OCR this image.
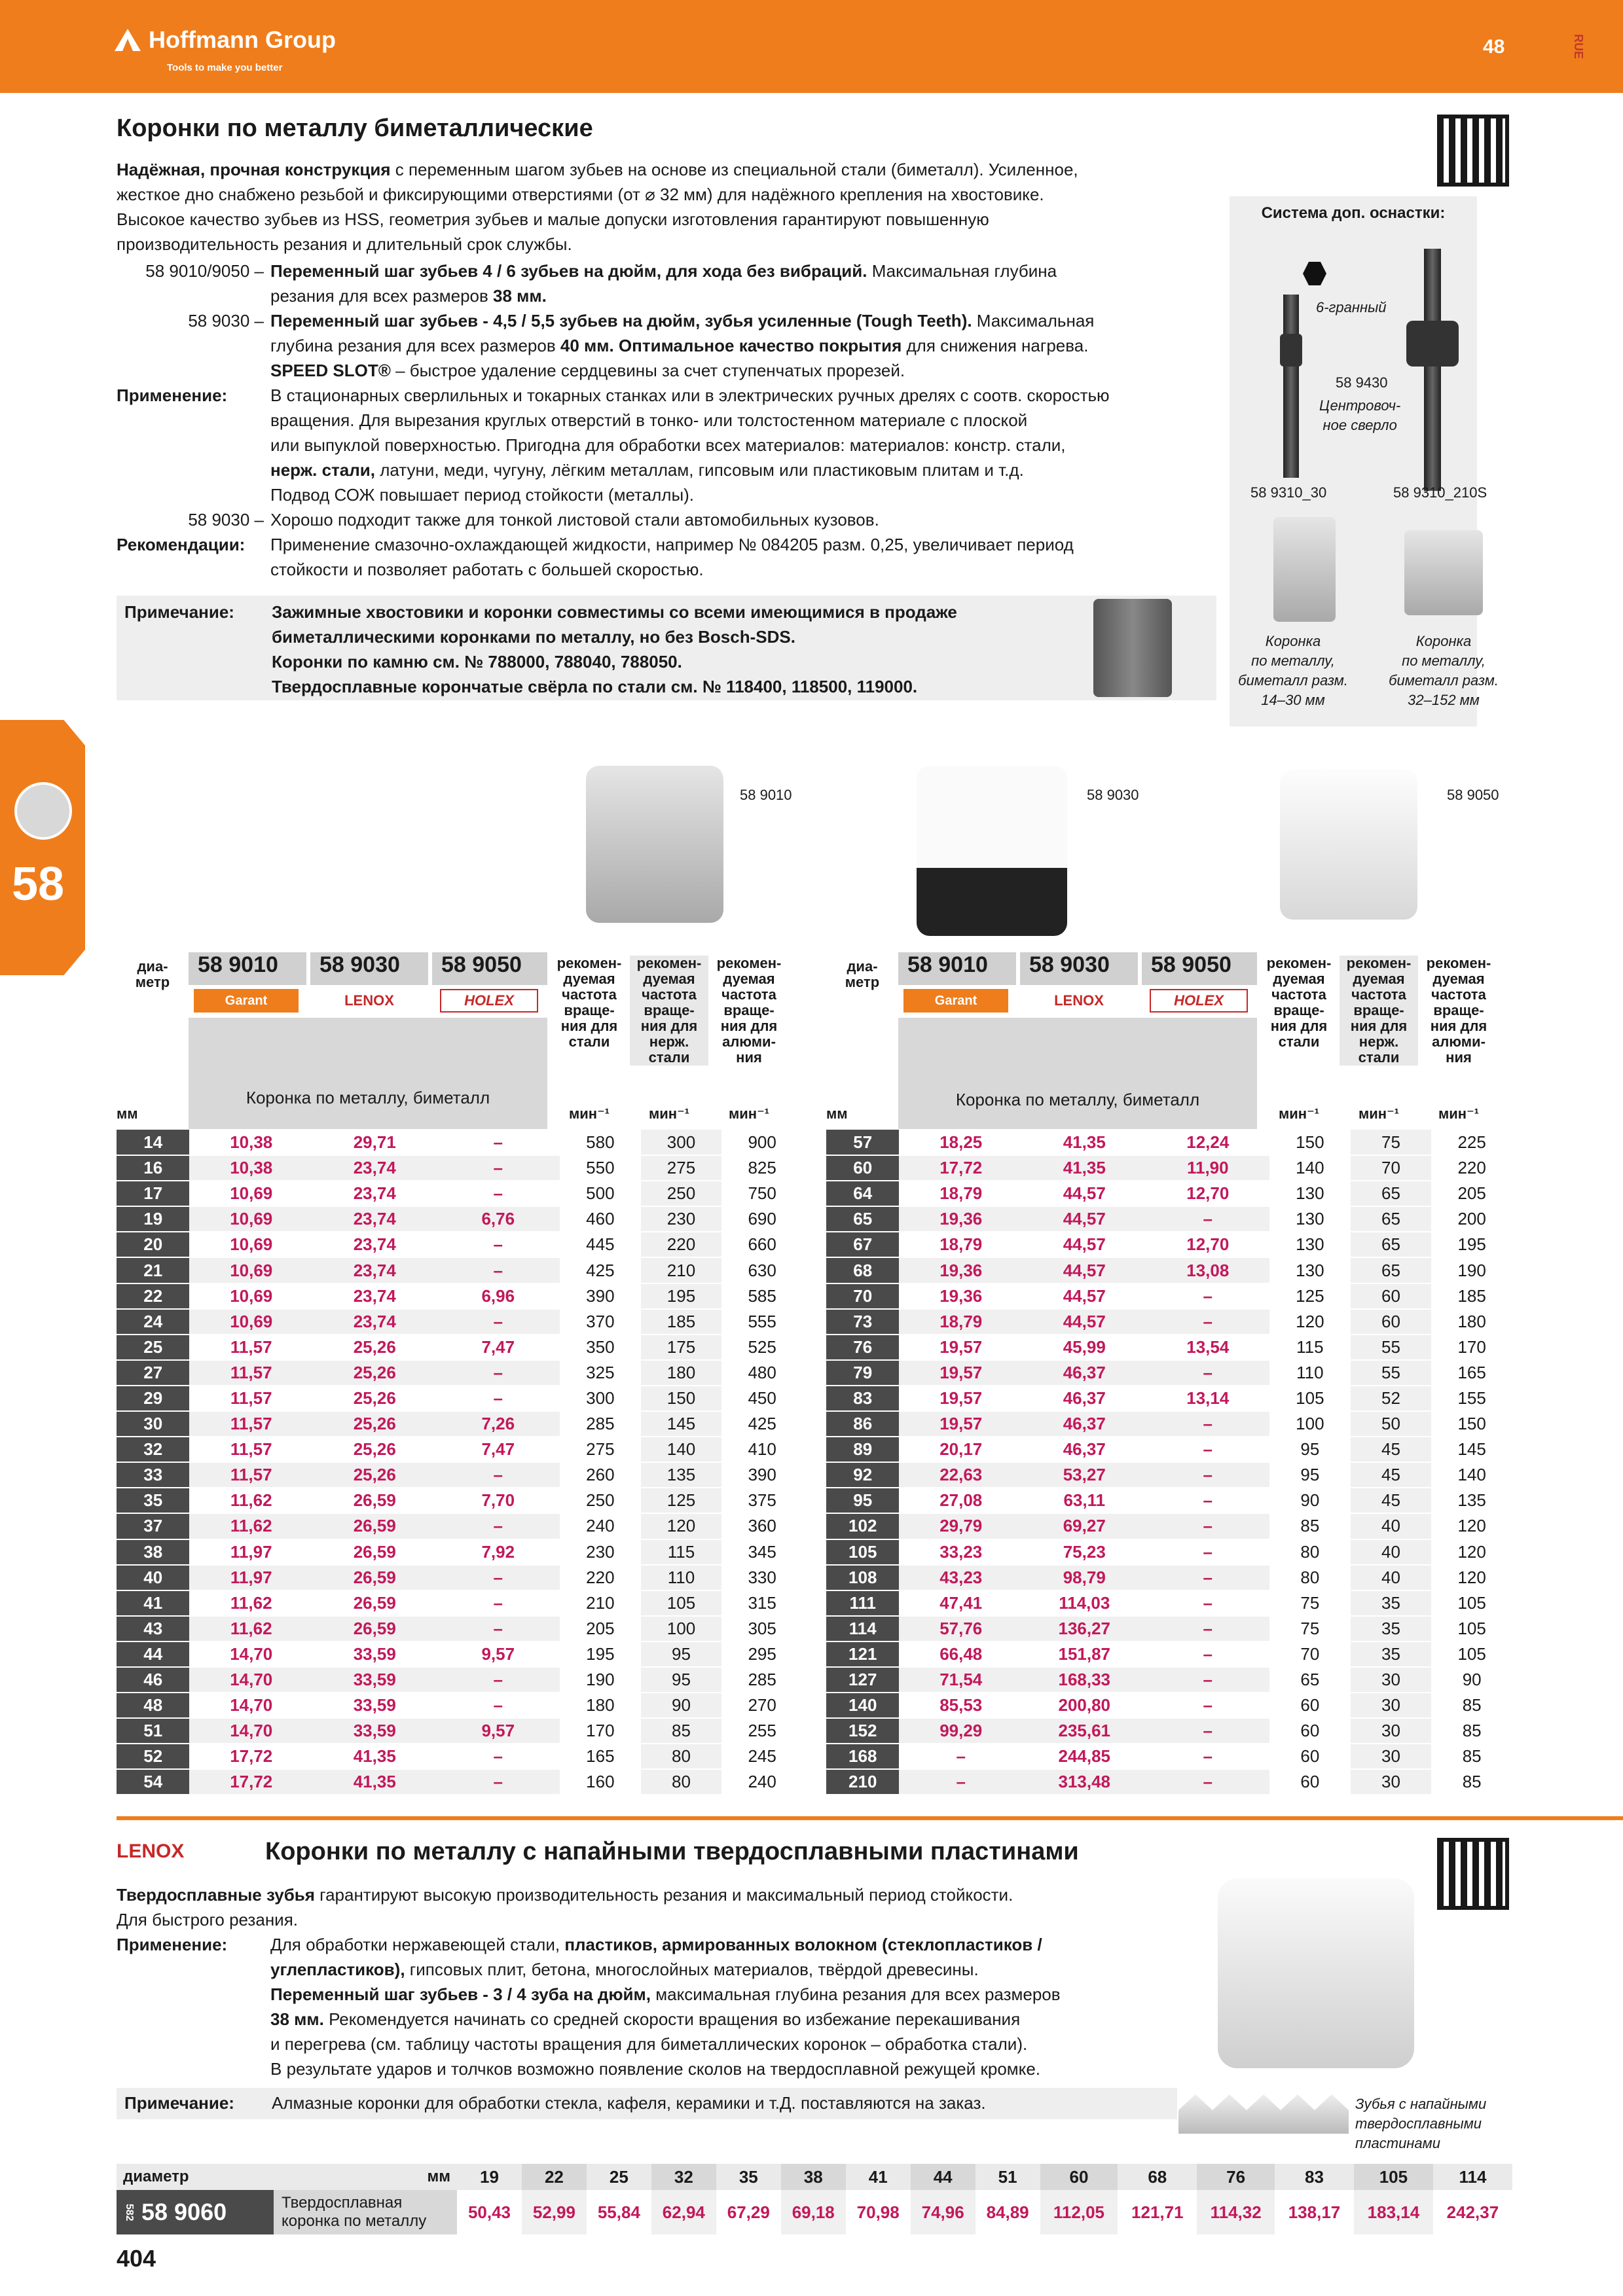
Hoffmann Group
Tools to make you better
48	RUE
58
Коронки по металлу биметаллические
Надёжная, прочная конструкция с переменным шагом зубьев на основе из специальной стали (биметалл). Усиленное,
жесткое дно снабжено резьбой и фиксирующими отверстиями (от ⌀ 32 мм) для надёжного крепления на хвостовике.
Высокое качество зубьев из HSS, геометрия зубьев и малые допуски изготовления гарантируют повышенную
производительность резания и длительный срок службы.
58 9010/9050 – Переменный шаг зубьев 4 / 6 зубьев на дюйм, для хода без вибраций. Максимальная глубина
резания для всех размеров 38 мм.
58 9030 – Переменный шаг зубьев - 4,5 / 5,5 зубьев на дюйм, зубья усиленные (Tough Teeth). Максимальная
глубина резания для всех размеров 40 мм. Оптимальное качество покрытия для снижения нагрева.
SPEED SLOT® – быстрое удаление сердцевины за счет ступенчатых прорезей.
Применение:	В стационарных сверлильных и токарных станках или в электрических ручных дрелях с соотв. скоростью
вращения. Для вырезания круглых отверстий в тонко- или толстостенном материале с плоской
или выпуклой поверхностью. Пригодна для обработки всех материалов: материалов: констр. стали,
нерж. стали, латуни, меди, чугуну, лёгким металлам, гипсовым или пластиковым плитам и т.д.
Подвод СОЖ повышает период стойкости (металлы).
58 9030 – Хорошо подходит также для тонкой листовой стали автомобильных кузовов.
Рекомендации:	Применение смазочно-охлаждающей жидкости, например № 084205 разм. 0,25, увеличивает период
стойкости и позволяет работать с большей скоростью.
Примечание:	Зажимные хвостовики и коронки совместимы со всеми имеющимися в продаже
биметаллическими коронками по металлу, но без Bosch-SDS.
Коронки по камню см. № 788000, 788040, 788050.
Твердосплавные корончатые свёрла по стали см. № 118400, 118500, 119000.
Система доп. оснастки:
6-гранный
58 9430
Центровоч-
ное сверло
58 9310_30	58 9310_210S
Коронка
по металлу,
биметалл разм.
14–30 мм
Коронка
по металлу,
биметалл разм.
32–152 мм
58 9010	58 9030	58 9050
диа-
метр
58 9010	58 9030	58 9050
Garant	LENOX	HOLEX
Коронка по металлу, биметалл
рекомен-
дуемая
частота
враще-
ния для
стали
рекомен-
дуемая
частота
враще-
ния для
нерж.
стали
рекомен-
дуемая
частота
враще-
ния для
алюми-
ния
мм	мин⁻¹	мин⁻¹	мин⁻¹
диа-
метр
58 9010	58 9030	58 9050
Garant	LENOX	HOLEX
Коронка по металлу, биметалл
рекомен-
дуемая
частота
враще-
ния для
стали
рекомен-
дуемая
частота
враще-
ния для
нерж.
стали
рекомен-
дуемая
частота
враще-
ния для
алюми-
ния
мм	мин⁻¹	мин⁻¹	мин⁻¹
14	10,38	29,71	–	580	300	900
16	10,38	23,74	–	550	275	825
17	10,69	23,74	–	500	250	750
19	10,69	23,74	6,76	460	230	690
20	10,69	23,74	–	445	220	660
21	10,69	23,74	–	425	210	630
22	10,69	23,74	6,96	390	195	585
24	10,69	23,74	–	370	185	555
25	11,57	25,26	7,47	350	175	525
27	11,57	25,26	–	325	180	480
29	11,57	25,26	–	300	150	450
30	11,57	25,26	7,26	285	145	425
32	11,57	25,26	7,47	275	140	410
33	11,57	25,26	–	260	135	390
35	11,62	26,59	7,70	250	125	375
37	11,62	26,59	–	240	120	360
38	11,97	26,59	7,92	230	115	345
40	11,97	26,59	–	220	110	330
41	11,62	26,59	–	210	105	315
43	11,62	26,59	–	205	100	305
44	14,70	33,59	9,57	195	95	295
46	14,70	33,59	–	190	95	285
48	14,70	33,59	–	180	90	270
51	14,70	33,59	9,57	170	85	255
52	17,72	41,35	–	165	80	245
54	17,72	41,35	–	160	80	240
57	18,25	41,35	12,24	150	75	225
60	17,72	41,35	11,90	140	70	220
64	18,79	44,57	12,70	130	65	205
65	19,36	44,57	–	130	65	200
67	18,79	44,57	12,70	130	65	195
68	19,36	44,57	13,08	130	65	190
70	19,36	44,57	–	125	60	185
73	18,79	44,57	–	120	60	180
76	19,57	45,99	13,54	115	55	170
79	19,57	46,37	–	110	55	165
83	19,57	46,37	13,14	105	52	155
86	19,57	46,37	–	100	50	150
89	20,17	46,37	–	95	45	145
92	22,63	53,27	–	95	45	140
95	27,08	63,11	–	90	45	135
102	29,79	69,27	–	85	40	120
105	33,23	75,23	–	80	40	120
108	43,23	98,79	–	80	40	120
111	47,41	114,03	–	75	35	105
114	57,76	136,27	–	75	35	105
121	66,48	151,87	–	70	35	105
127	71,54	168,33	–	65	30	90
140	85,53	200,80	–	60	30	85
152	99,29	235,61	–	60	30	85
168	–	244,85	–	60	30	85
210	–	313,48	–	60	30	85
LENOX	Коронки по металлу с напайными твердосплавными пластинами
Твердосплавные зубья гарантируют высокую производительность резания и максимальный период стойкости.
Для быстрого резания.
Применение:	Для обработки нержавеющей стали, пластиков, армированных волокном (стеклопластиков /
углепластиков), гипсовых плит, бетона, многослойных материалов, твёрдой древесины.
Переменный шаг зубьев - 3 / 4 зуба на дюйм, максимальная глубина резания для всех размеров
38 мм. Рекомендуется начинать со средней скорости вращения во избежание перекашивания
и перегрева (см. таблицу частоты вращения для биметаллических коронок – обработка стали).
В результате ударов и толчков возможно появление сколов на твердосплавной режущей кромке.
Примечание:	Алмазные коронки для обработки стекла, кафеля, керамики и т.Д. поставляются на заказ.	Зубья с напайными
твердосплавными
пластинами
диаметр мм	19	22	25	32	35	38	41	44	51	60	68	76	83	105	114

582 58 9060 Твердосплавная коронка по металлу	50,43	52,99	55,84	62,94	67,29	69,18	70,98	74,96	84,89	112,05	121,71	114,32	138,17	183,14	242,37
404
